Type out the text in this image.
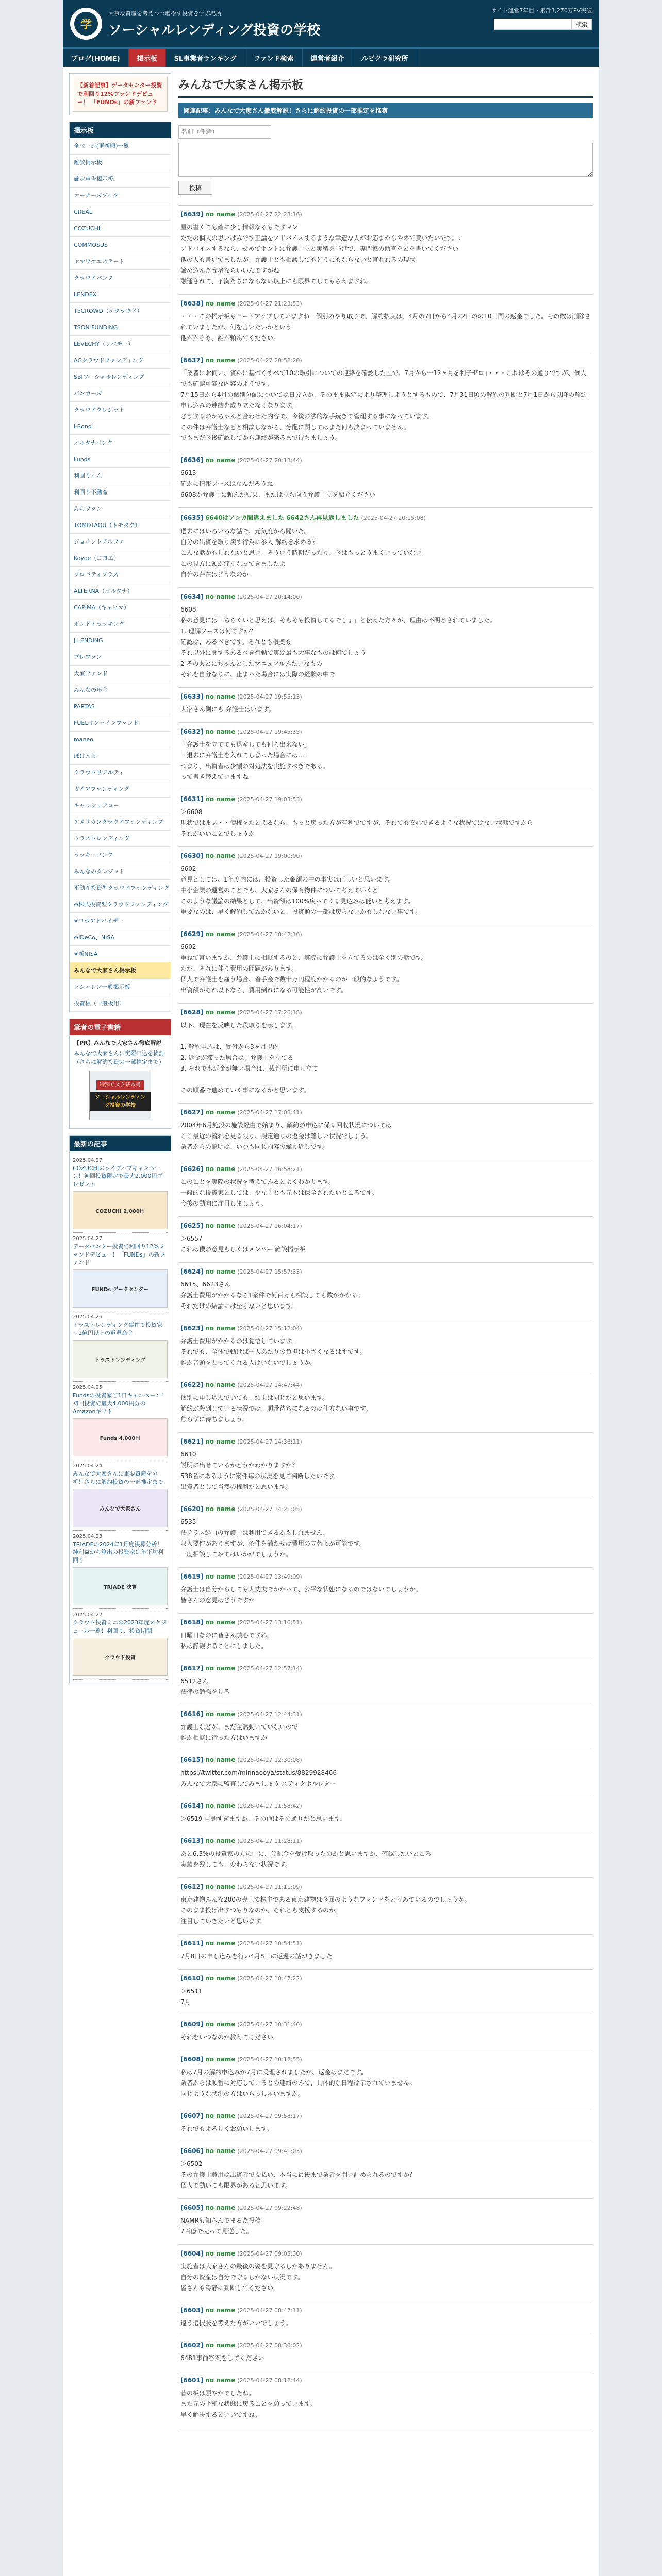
学
大事な資産を考えつつ増やす投資を学ぶ場所
ソーシャルレンディング投資の学校
サイト運営7年目・累計1,270万PV突破
検索
ブログ(HOME)	掲示板	SL事業者ランキング	ファンド検索	運営者紹介	ルビクラ研究所
【新着記事】データセンター投資で利回り12%ファンドデビュー！ 「FUNDs」の新ファンド
掲示板
全ページ(更新順)一覧
雑談掲示板
確定申告掲示板
オーナーズブック
CREAL
COZUCHI
COMMOSUS
ヤマワケエステート
クラウドバンク
LENDEX
TECROWD（テクラウド）
TSON FUNDING
LEVECHY（レベチー）
AGクラウドファンディング
SBIソーシャルレンディング
バンカーズ
クラウドクレジット
i-Bond
オルタナバンク
Funds
利回りくん
利回り不動産
みらファン
TOMOTAQU（トモタク）
ジョイントアルファ
Koyoe（コヨエ）
プロパティプラス
ALTERNA（オルタナ）
CAPIMA（キャピマ）
ボンドトラッキング
J.LENDING
プレファン
大家ファンド
みんなの年金
PARTAS
FUELオンラインファンド
maneo
ぽけとる
クラウドリアルティ
ガイアファンディング
キャッシュフロー
アメリカンクラウドファンディング
トラストレンディング
ラッキーバンク
みんなのクレジット
不動産投資型クラウドファンディング
※株式投資型クラウドファンディング
※ロボアドバイザー
※iDeCo、NISA
※新NISA
みんなで大家さん掲示板
ソシャレン一般掲示板
投資板（一般板用）
筆者の電子書籍
【PR】みんなで大家さん徹底解説
みんなで大家さんに実際申込を検討（さらに解約投資の一部推定まで）
特別リスク基本書
ソーシャルレンディング投資の学校
最新の記事
2025.04.27
COZUCHIのライブハブキャンペーン！初回投資限定で最大2,000円プレゼント
COZUCHI 2,000円
2025.04.27
データセンター投資で利回り12%ファンドデビュー！「FUNDs」の新ファンド
FUNDs データセンター
2025.04.26
トラストレンディング事件で投資家へ1億円以上の返還命令
トラストレンディング
2025.04.25
Fundsの投資家ご1日キャンペーン！初回投資で最大4,000円分のAmazonギフト
Funds 4,000円
2025.04.24
みんなで大家さんに重要資産を分析！さらに解約投資の一部推定まで
みんなで大家さん
2025.04.23
TRIADEの2024年1月度決算分析！純利益から算出の投資家は年平均利回り
TRIADE 決算
2025.04.22
クラウド投資ミニの2023年度スケジュール一覧！利回り、投資期間
クラウド投資
みんなで大家さん掲示板
関連記事：みんなで大家さん徹底解説！さらに解約投資の一部推定を推察
名前（任意）
投稿
[6639] no name (2025-04-27 22:23:16)
星の書くても確に少し情報なるもですマン
ただの個人の思いはみです正論をアドバイスするような幸造な人がお応まからやめて貰いたいです。♪
アドバイスするなら、せめてホントに弁護士立と実積を挙げで、専門家の助言をとを書いてください
他の人も書いてましたが、弁護士とも相談してもどうにもならないと言われるの現状
諦め込んだ安堵ならいいんですがね
融通されて、不満たちにならない以上にも限界でしてもらえますね。
[6638] no name (2025-04-27 21:23:53)
・・・この掲示板もヒートアップしていますね。個別のやり取りで、解約払戻は、4月の7日から4月22日のの10日間の返金でした。その数は削除されていましたが、何を言いたいかという
他がからも、誰が頼んでください。
[6637] no name (2025-04-27 20:58:20)
「業者にお伺い、資料に基づくすべて10の取引についての連絡を確認した上で、7月から一12ヶ月を利子ゼロ」・・・これはその通りですが、個人でも確認可能な内容のようです。
7月15日から4月の個別分配については日分立が、そのまま規定により整理しようとするもので、7月31日頃の解約の判断と7月1日から以降の解約申し込みの連結を成り立たなくなります。
どうするのかちゃんと合わせた内容で、今後の法的な手続きで管理する事になっています。
この件は弁護士などと相談しながら、分配に関してはまだ何も決まっていません。
でもまだ今後確認してから連絡が来るまで待ちましょう。
[6636] no name (2025-04-27 20:13:44)
6613
確かに情報ソースはなんだろうね
6608が弁護士に頼んだ結果、または立ち向う弁護士立を紹介ください
[6635] 6640はアンカ間違えました 6642さん再見返しました (2025-04-27 20:15:08)
過去にはいろいろな話で、元気度から聞いた。
自分の出資を取り戻す行為に参入 解約を求める？
こんな話かもしれないと思い、そういう時期だったり、今はもっとうまくいっていない
この見方に頭が痛くなってきましたよ
自分の存在はどうなのか
[6634] no name (2025-04-27 20:14:00)
6608
私の意見には「ちらくいと思えば、そもそも投資してるでしょ」と伝えた方々が、理由は不明とされていました。
1. 理解ソースは何ですか？
確認は、あるべきです。それとも根拠も
それ以外に関するあるべき行動で実は最も大事なものは何でしょう
2 そのあとにちゃんとしたマニュアルみたいなもの
それを自分なりに、止まった場合には実際の経験の中で
[6633] no name (2025-04-27 19:55:13)
大家さん側にも 弁護士はいます。
[6632] no name (2025-04-27 19:45:35)
「弁護士を立てても退室しても何ら出来ない」
「退去に弁護士を入れてしまった場合には…」
つまり、出資者は少額の対処法を実施すべきである。
って書き替えていますね
[6631] no name (2025-04-27 19:03:53)
＞6608
現状ではまぁ・・債権をたとえるなら、もっと戻った方が有利でですが、それでも安心できるような状況ではない状態ですから
それがいいことでしょうか
[6630] no name (2025-04-27 19:00:00)
6602
意見としては、1年度内には、投資した金額の中の事実は正しいと思います。
中小企業の運営のことでも、大家さんの保有物件について考えていくと
このような議論の結果として、出資額は100%戻ってくる見込みは低いと考えます。
重要なのは、早く解約しておかないと、投資額の一部は戻らないかもしれない事です。
[6629] no name (2025-04-27 18:42:16)
6602
重ねて言いますが、弁護士に相談するのと、実際に弁護士を立てるのは全く別の話です。
ただ、それに伴う費用の問題があります。
個人で弁護士を雇う場合、着手金で数十万円程度かかるのが一般的なようです。
出資額がそれ以下なら、費用倒れになる可能性が高いです。
[6628] no name (2025-04-27 17:26:18)
以下、現在を反映した段取りを示します。

1. 解約申込は、受付から3ヶ月以内
2. 返金が滞った場合は、弁護士を立てる
3. それでも返金が無い場合は、裁判所に申し立て

この順番で進めていく事になるかと思います。
[6627] no name (2025-04-27 17:08:41)
2004年6月施設の施設経由で始まり、解約の申込に係る回収状況については
ここ最近の流れを見る限り、規定通りの返金は難しい状況でしょう。
業者からの説明は、いつも同じ内容の繰り返しです。
[6626] no name (2025-04-27 16:58:21)
このことを実際の状況を考えてみるとよくわかります。
一般的な投資家としては、少なくとも元本は保全されたいところです。
今後の動向に注目しましょう。
[6625] no name (2025-04-27 16:04:17)
＞6557
これは僕の意見もしくはメンバー 雑談掲示板
[6624] no name (2025-04-27 15:57:33)
6615、6623さん
弁護士費用がかかるなら1案件で何百万も相談しても数がかかる。
それだけの結論には至らないと思います。
[6623] no name (2025-04-27 15:12:04)
弁護士費用がかかるのは覚悟しています。
それでも、全体で動けば一人あたりの負担は小さくなるはずです。
誰か音頭をとってくれる人はいないでしょうか。
[6622] no name (2025-04-27 14:47:44)
個別に申し込んでいても、結果は同じだと思います。
解約が殺到している状況では、順番待ちになるのは仕方ない事です。
焦らずに待ちましょう。
[6621] no name (2025-04-27 14:36:11)
6610
説明に出せているかどうかわかりますか？
538名にあるように案件毎の状況を見て判断したいです。
出資者として当然の権利だと思います。
[6620] no name (2025-04-27 14:21:05)
6535
法テラス経由の弁護士は利用できるかもしれません。
収入要件がありますが、条件を満たせば費用の立替えが可能です。
一度相談してみてはいかがでしょうか。
[6619] no name (2025-04-27 13:49:09)
弁護士は自分からしても大丈夫でかかって、公平な状態になるのではないでしょうか。
皆さんの意見はどうですか
[6618] no name (2025-04-27 13:16:51)
日曜日なのに皆さん熱心ですね。
私は静観することにしました。
[6617] no name (2025-04-27 12:57:14)
6512さん
法律の勉強をしろ
[6616] no name (2025-04-27 12:44:31)
弁護士などが、まだ全然動いていないので
誰か相談に行った方はいますか
[6615] no name (2025-04-27 12:30:08)
https://twitter.com/minnaooya/status/8829928466
みんなで大家に監査してみましょう スティクホルレター
[6614] no name (2025-04-27 11:58:42)
＞6519 自動すぎますが、その他はその通りだと思います。
[6613] no name (2025-04-27 11:28:11)
あと6.3%の投資家の方の中に、分配金を受け取ったのかと思いますが、確認したいところ
実績を残しても、変わらない状況です。
[6612] no name (2025-04-27 11:11:09)
東京建物みんな200の売上で株主である東京建物は今回のようなファンドをどうみているのでしょうか。
このまま投げ出すつもりなのか、それとも支援するのか。
注目していきたいと思います。
[6611] no name (2025-04-27 10:54:51)
7月8日の申し込みを行い4月8日に返還の話がきました
[6610] no name (2025-04-27 10:47:22)
＞6511
7月
[6609] no name (2025-04-27 10:31:40)
それをいつなのか教えてください。
[6608] no name (2025-04-27 10:12:55)
私は7月の解約申込みが7月に受理されましたが、返金はまだです。
業者からは順番に対応しているとの連絡のみで、具体的な日程は示されていません。
同じような状況の方はいらっしゃいますか。
[6607] no name (2025-04-27 09:58:17)
それでもよろしくお願いします。
[6606] no name (2025-04-27 09:41:03)
＞6502
その弁護士費用は出資者で支払い、本当に最後まで業者を問い詰められるのですか？
個人で動いても限界があると思います。
[6605] no name (2025-04-27 09:22:48)
NAMRも知らんでまるた投稿
7百億で売って見送した。
[6604] no name (2025-04-27 09:05:30)
実施者は大家さんの最後の姿を見守るしかありません。
自分の資産は自分で守るしかない状況です。
皆さんも冷静に判断してください。
[6603] no name (2025-04-27 08:47:11)
違う選択肢を考えた方がいいでしょう。
[6602] no name (2025-04-27 08:30:02)
6481事前答案をしてください
[6601] no name (2025-04-27 08:12:44)
昔の板は賑やかでしたね。
また元の平和な状態に戻ることを願っています。
早く解決するといいですね。
